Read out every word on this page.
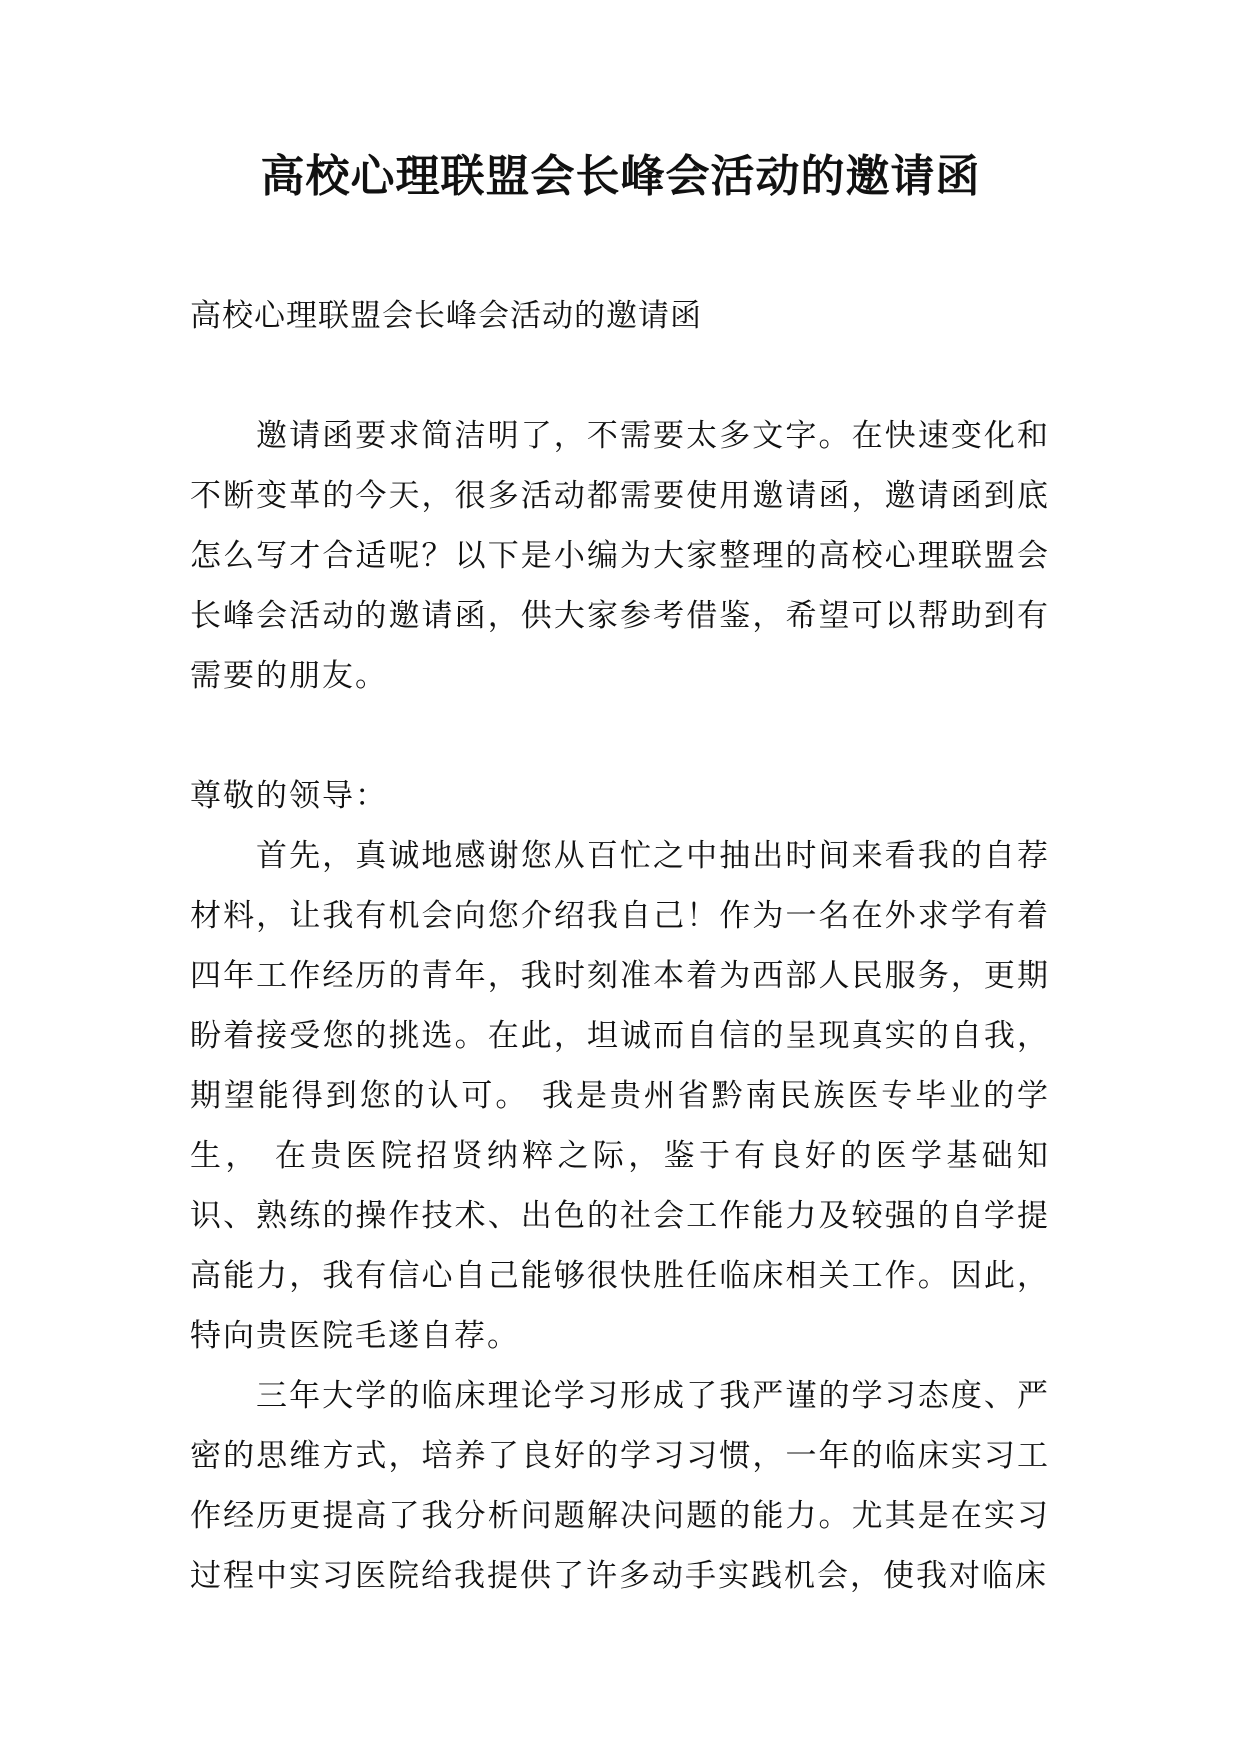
高校心理联盟会长峰会活动的邀请函

高校心理联盟会长峰会活动的邀请函

邀请函要求简洁明了，不需要太多文字。在快速变化和不断变革的今天，很多活动都需要使用邀请函，邀请函到底怎么写才合适呢？以下是小编为大家整理的高校心理联盟会长峰会活动的邀请函，供大家参考借鉴，希望可以帮助到有需要的朋友。

尊敬的领导：

首先，真诚地感谢您从百忙之中抽出时间来看我的自荐材料，让我有机会向您介绍我自己！作为一名在外求学有着四年工作经历的青年，我时刻准本着为西部人民服务，更期盼着接受您的挑选。在此，坦诚而自信的呈现真实的自我，期望能得到您的认可。 我是贵州省黔南民族医专毕业的学生， 在贵医院招贤纳粹之际，鉴于有良好的医学基础知识、熟练的操作技术、出色的社会工作能力及较强的自学提高能力，我有信心自己能够很快胜任临床相关工作。因此，特向贵医院毛遂自荐。

三年大学的临床理论学习形成了我严谨的学习态度、严密的思维方式，培养了良好的学习习惯，一年的临床实习工作经历更提高了我分析问题解决问题的能力。尤其是在实习过程中实习医院给我提供了许多动手实践机会，使我对临床
